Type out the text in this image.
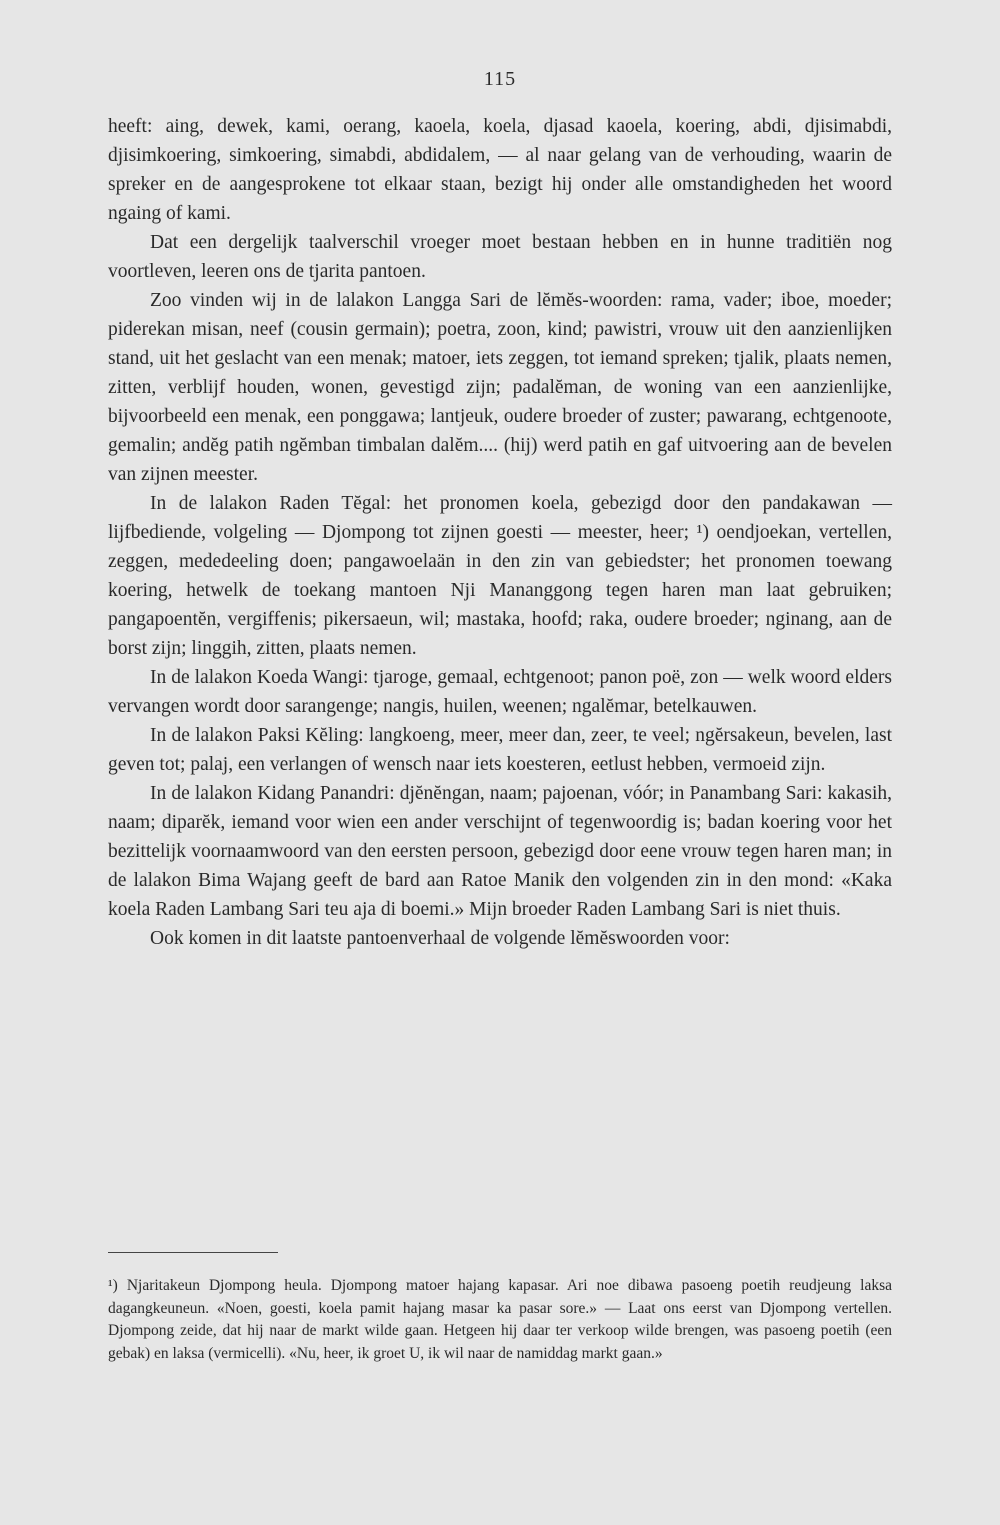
115

heeft: aing, dewek, kami, oerang, kaoela, koela, djasad kaoela, koering, abdi, djisimabdi, djisimkoering, simkoering, simabdi, abdidalem, — al naar gelang van de verhouding, waarin de spreker en de aangesprokene tot elkaar staan, bezigt hij onder alle omstandigheden het woord ngaing of kami.

Dat een dergelijk taalverschil vroeger moet bestaan hebben en in hunne traditiën nog voortleven, leeren ons de tjarita pantoen.

Zoo vinden wij in de lalakon Langga Sari de lĕmĕs-woorden: rama, vader; iboe, moeder; piderekan misan, neef (cousin germain); poetra, zoon, kind; pawistri, vrouw uit den aanzienlijken stand, uit het geslacht van een menak; matoer, iets zeggen, tot iemand spreken; tjalik, plaats nemen, zitten, verblijf houden, wonen, gevestigd zijn; padalĕman, de woning van een aanzienlijke, bijvoorbeeld een menak, een ponggawa; lantjeuk, oudere broeder of zuster; pawarang, echtgenoote, gemalin; andĕg patih ngĕmban timbalan dalĕm.... (hij) werd patih en gaf uitvoering aan de bevelen van zijnen meester.

In de lalakon Raden Tĕgal: het pronomen koela, gebezigd door den pandakawan — lijfbediende, volgeling — Djompong tot zijnen goesti — meester, heer; ¹) oendjoekan, vertellen, zeggen, mededeeling doen; pangawoelaän in den zin van gebiedster; het pronomen toewang koering, hetwelk de toekang mantoen Nji Mananggong tegen haren man laat gebruiken; pangapoentĕn, vergiffenis; pikersaeun, wil; mastaka, hoofd; raka, oudere broeder; nginang, aan de borst zijn; linggih, zitten, plaats nemen.

In de lalakon Koeda Wangi: tjaroge, gemaal, echtgenoot; panon poë, zon — welk woord elders vervangen wordt door sarangenge; nangis, huilen, weenen; ngalĕmar, betelkauwen.

In de lalakon Paksi Kĕling: langkoeng, meer, meer dan, zeer, te veel; ngĕrsakeun, bevelen, last geven tot; palaj, een verlangen of wensch naar iets koesteren, eetlust hebben, vermoeid zijn.

In de lalakon Kidang Panandri: djĕnĕngan, naam; pajoenan, vóór; in Panambang Sari: kakasih, naam; diparĕk, iemand voor wien een ander verschijnt of tegenwoordig is; badan koering voor het bezittelijk voornaamwoord van den eersten persoon, gebezigd door eene vrouw tegen haren man; in de lalakon Bima Wajang geeft de bard aan Ratoe Manik den volgenden zin in den mond: «Kaka koela Raden Lambang Sari teu aja di boemi.» Mijn broeder Raden Lambang Sari is niet thuis.

Ook komen in dit laatste pantoenverhaal de volgende lĕmĕswoorden voor:

¹) Njaritakeun Djompong heula. Djompong matoer hajang kapasar. Ari noe dibawa pasoeng poetih reudjeung laksa dagangkeuneun. «Noen, goesti, koela pamit hajang masar ka pasar sore.» — Laat ons eerst van Djompong vertellen. Djompong zeide, dat hij naar de markt wilde gaan. Hetgeen hij daar ter verkoop wilde brengen, was pasoeng poetih (een gebak) en laksa (vermicelli). «Nu, heer, ik groet U, ik wil naar de namiddag markt gaan.»
